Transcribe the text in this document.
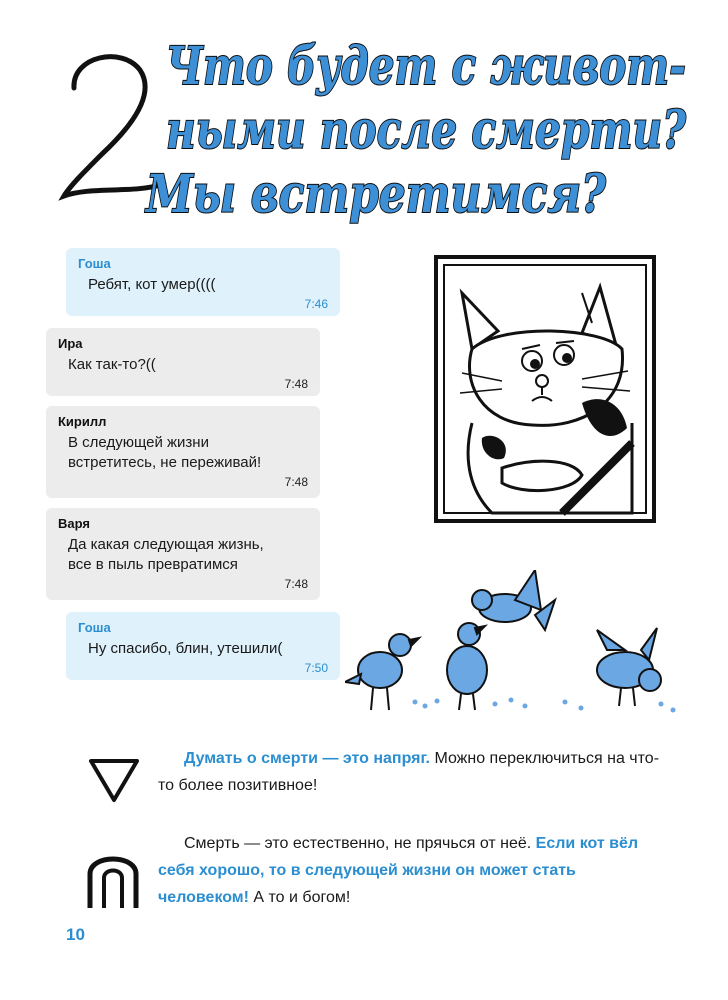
Что будет с живот-
ными после смерти?
Мы встретимся?
Гоша
Ребят, кот умер((((
7:46
Ира
Как так-то?((
7:48
Кирилл
В следующей жизни
встретитесь, не переживай!
7:48
Варя
Да какая следующая жизнь,
все в пыль превратимся
7:48
Гоша
Ну спасибо, блин, утешили(
7:50
Думать о смерти — это напряг. Можно переключиться на что-то более позитивное!
Смерть — это естественно, не прячься от неё. Если кот вёл себя хорошо, то в следующей жизни он может стать человеком! А то и богом!
10
